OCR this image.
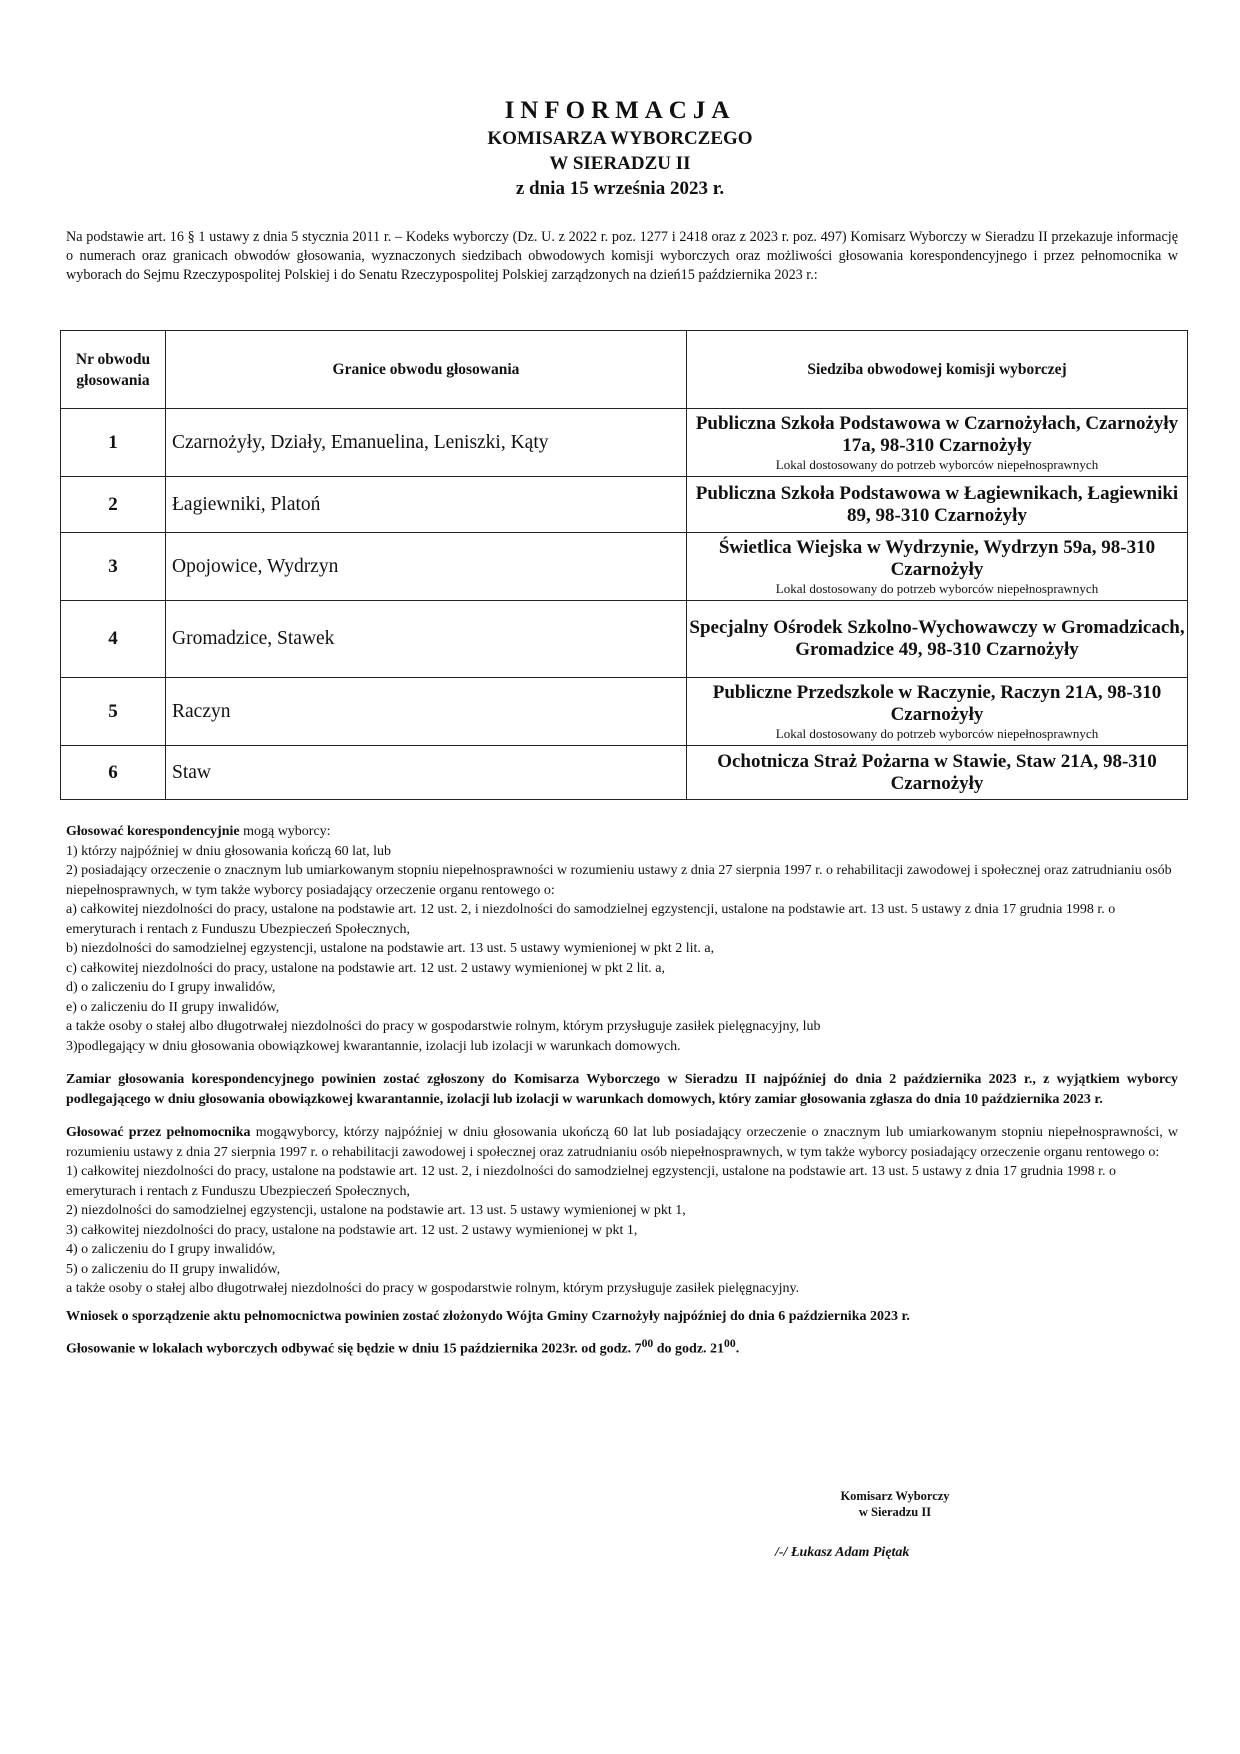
INFORMACJA
KOMISARZA WYBORCZEGO
W SIERADZU II
z dnia 15 września 2023 r.
Na podstawie art. 16 § 1 ustawy z dnia 5 stycznia 2011 r. – Kodeks wyborczy (Dz. U. z 2022 r. poz. 1277 i 2418 oraz z 2023 r. poz. 497) Komisarz Wyborczy w Sieradzu II przekazuje informację o numerach oraz granicach obwodów głosowania, wyznaczonych siedzibach obwodowych komisji wyborczych oraz możliwości głosowania korespondencyjnego i przez pełnomocnika w wyborach do Sejmu Rzeczypospolitej Polskiej i do Senatu Rzeczypospolitej Polskiej zarządzonych na dzień15 października 2023 r.:
Nr obwodu głosowania	Granice obwodu głosowania	Siedziba obwodowej komisji wyborczej
1	Czarnożyły, Działy, Emanuelina, Leniszki, Kąty	Publiczna Szkoła Podstawowa w Czarnożyłach, Czarnożyły 17a, 98-310 Czarnożyły
Lokal dostosowany do potrzeb wyborców niepełnosprawnych

2	Łagiewniki, Platoń	Publiczna Szkoła Podstawowa w Łagiewnikach, Łagiewniki 89, 98-310 Czarnożyły

3	Opojowice, Wydrzyn	Świetlica Wiejska w Wydrzynie, Wydrzyn 59a, 98-310 Czarnożyły
Lokal dostosowany do potrzeb wyborców niepełnosprawnych

4	Gromadzice, Stawek	Specjalny Ośrodek Szkolno-Wychowawczy w Gromadzicach, Gromadzice 49, 98-310 Czarnożyły

5	Raczyn	Publiczne Przedszkole w Raczynie, Raczyn 21A, 98-310 Czarnożyły
Lokal dostosowany do potrzeb wyborców niepełnosprawnych

6	Staw	Ochotnicza Straż Pożarna w Stawie, Staw 21A, 98-310 Czarnożyły

Głosować korespondencyjnie mogą wyborcy:

1) którzy najpóźniej w dniu głosowania kończą 60 lat, lub

2) posiadający orzeczenie o znacznym lub umiarkowanym stopniu niepełnosprawności w rozumieniu ustawy z dnia 27 sierpnia 1997 r. o rehabilitacji zawodowej i społecznej oraz zatrudnianiu osób niepełnosprawnych, w tym także wyborcy posiadający orzeczenie organu rentowego o:

a) całkowitej niezdolności do pracy, ustalone na podstawie art. 12 ust. 2, i niezdolności do samodzielnej egzystencji, ustalone na podstawie art. 13 ust. 5 ustawy z dnia 17 grudnia 1998 r. o emeryturach i rentach z Funduszu Ubezpieczeń Społecznych,

b) niezdolności do samodzielnej egzystencji, ustalone na podstawie art. 13 ust. 5 ustawy wymienionej w pkt 2 lit. a,

c) całkowitej niezdolności do pracy, ustalone na podstawie art. 12 ust. 2 ustawy wymienionej w pkt 2 lit. a,

d) o zaliczeniu do I grupy inwalidów,

e) o zaliczeniu do II grupy inwalidów,

a także osoby o stałej albo długotrwałej niezdolności do pracy w gospodarstwie rolnym, którym przysługuje zasiłek pielęgnacyjny, lub

3)podlegający w dniu głosowania obowiązkowej kwarantannie, izolacji lub izolacji w warunkach domowych.

Zamiar głosowania korespondencyjnego powinien zostać zgłoszony do Komisarza Wyborczego w Sieradzu II najpóźniej do dnia 2 października 2023 r., z wyjątkiem wyborcy podlegającego w dniu głosowania obowiązkowej kwarantannie, izolacji lub izolacji w warunkach domowych, który zamiar głosowania zgłasza do dnia 10 października 2023 r.

Głosować przez pełnomocnika mogąwyborcy, którzy najpóźniej w dniu głosowania ukończą 60 lat lub posiadający orzeczenie o znacznym lub umiarkowanym stopniu niepełnosprawności, w rozumieniu ustawy z dnia 27 sierpnia 1997 r. o rehabilitacji zawodowej i społecznej oraz zatrudnianiu osób niepełnosprawnych, w tym także wyborcy posiadający orzeczenie organu rentowego o:

1) całkowitej niezdolności do pracy, ustalone na podstawie art. 12 ust. 2, i niezdolności do samodzielnej egzystencji, ustalone na podstawie art. 13 ust. 5 ustawy z dnia 17 grudnia 1998 r. o emeryturach i rentach z Funduszu Ubezpieczeń Społecznych,

2) niezdolności do samodzielnej egzystencji, ustalone na podstawie art. 13 ust. 5 ustawy wymienionej w pkt 1,

3) całkowitej niezdolności do pracy, ustalone na podstawie art. 12 ust. 2 ustawy wymienionej w pkt 1,

4) o zaliczeniu do I grupy inwalidów,

5) o zaliczeniu do II grupy inwalidów,

a także osoby o stałej albo długotrwałej niezdolności do pracy w gospodarstwie rolnym, którym przysługuje zasiłek pielęgnacyjny.

Wniosek o sporządzenie aktu pełnomocnictwa powinien zostać złożonydo Wójta Gminy Czarnożyły najpóźniej do dnia 6 października 2023 r.

Głosowanie w lokalach wyborczych odbywać się będzie w dniu 15 października 2023r. od godz. $7^{00}$ do godz. $21^{00}$.

Komisarz Wyborczy
w Sieradzu II
/-/ Łukasz Adam Piętak
